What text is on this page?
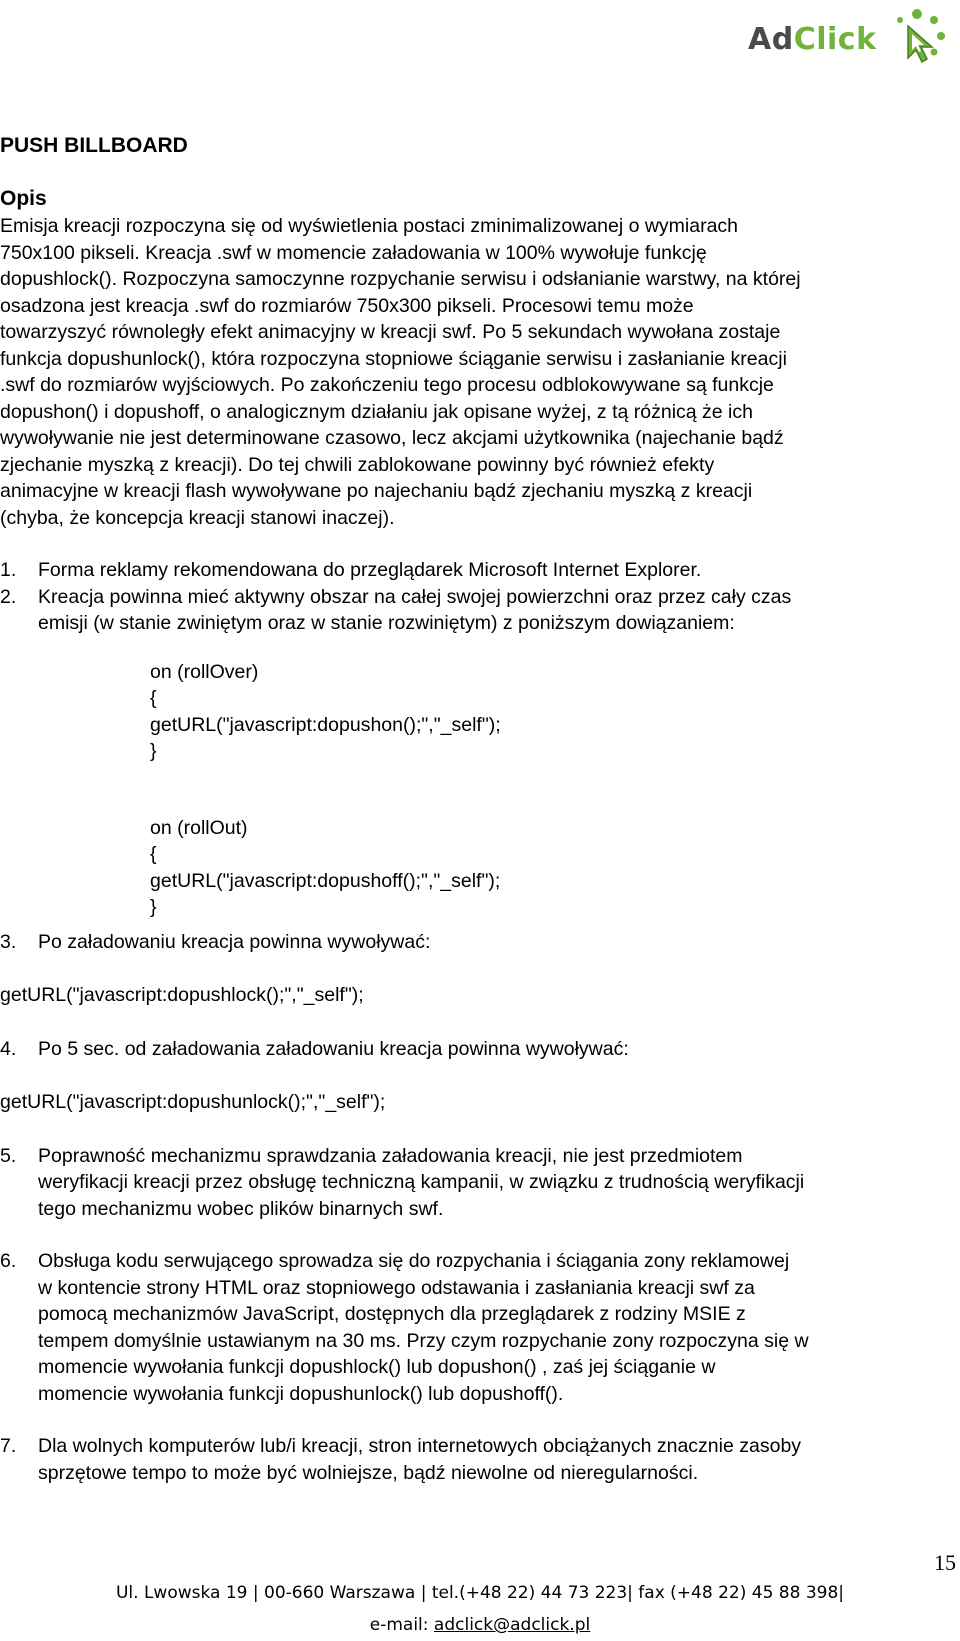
AdClick
PUSH BILLBOARD
Opis
Emisja kreacji rozpoczyna się od wyświetlenia postaci zminimalizowanej o wymiarach
750x100 pikseli. Kreacja .swf w momencie załadowania w 100% wywołuje funkcję
dopushlock(). Rozpoczyna samoczynne rozpychanie serwisu i odsłanianie warstwy, na której
osadzona jest kreacja .swf do rozmiarów 750x300 pikseli. Procesowi temu może
towarzyszyć równoległy efekt animacyjny w kreacji swf. Po 5 sekundach wywołana zostaje
funkcja dopushunlock(), która rozpoczyna stopniowe ściąganie serwisu i zasłanianie kreacji
.swf do rozmiarów wyjściowych. Po zakończeniu tego procesu odblokowywane są funkcje
dopushon() i dopushoff, o analogicznym działaniu jak opisane wyżej, z tą różnicą że ich
wywoływanie nie jest determinowane czasowo, lecz akcjami użytkownika (najechanie bądź
zjechanie myszką z kreacji). Do tej chwili zablokowane powinny być również efekty
animacyjne w kreacji flash wywoływane po najechaniu bądź zjechaniu myszką z kreacji
(chyba, że koncepcja kreacji stanowi inaczej).
1.	Forma reklamy rekomendowana do przeglądarek Microsoft Internet Explorer.
2.	Kreacja powinna mieć aktywny obszar na całej swojej powierzchni oraz przez cały czas
emisji (w stanie zwiniętym oraz w stanie rozwiniętym) z poniższym dowiązaniem:
on (rollOver)
{
getURL("javascript:dopushon();","_self");
}
on (rollOut)
{
getURL("javascript:dopushoff();","_self");
}
3.	Po załadowaniu kreacja powinna wywoływać:
getURL("javascript:dopushlock();","_self");
4.	Po 5 sec. od załadowania załadowaniu kreacja powinna wywoływać:
getURL("javascript:dopushunlock();","_self");
5.	Poprawność mechanizmu sprawdzania załadowania kreacji, nie jest przedmiotem
weryfikacji kreacji przez obsługę techniczną kampanii, w związku z trudnością weryfikacji
tego mechanizmu wobec plików binarnych swf.
6.	Obsługa kodu serwującego sprowadza się do rozpychania i ściągania zony reklamowej
w kontencie strony HTML oraz stopniowego odstawania i zasłaniania kreacji swf za
pomocą mechanizmów JavaScript, dostępnych dla przeglądarek z rodziny MSIE z
tempem domyślnie ustawianym na 30 ms. Przy czym rozpychanie zony rozpoczyna się w
momencie wywołania funkcji dopushlock() lub dopushon() , zaś jej ściąganie w
momencie wywołania funkcji dopushunlock() lub dopushoff().
7.	Dla wolnych komputerów lub/i kreacji, stron internetowych obciążanych znacznie zasoby
sprzętowe tempo to może być wolniejsze, bądź niewolne od nieregularności.
15
Ul. Lwowska 19 | 00-660 Warszawa | tel.(+48 22) 44 73 223| fax (+48 22) 45 88 398|
e-mail: adclick@adclick.pl
